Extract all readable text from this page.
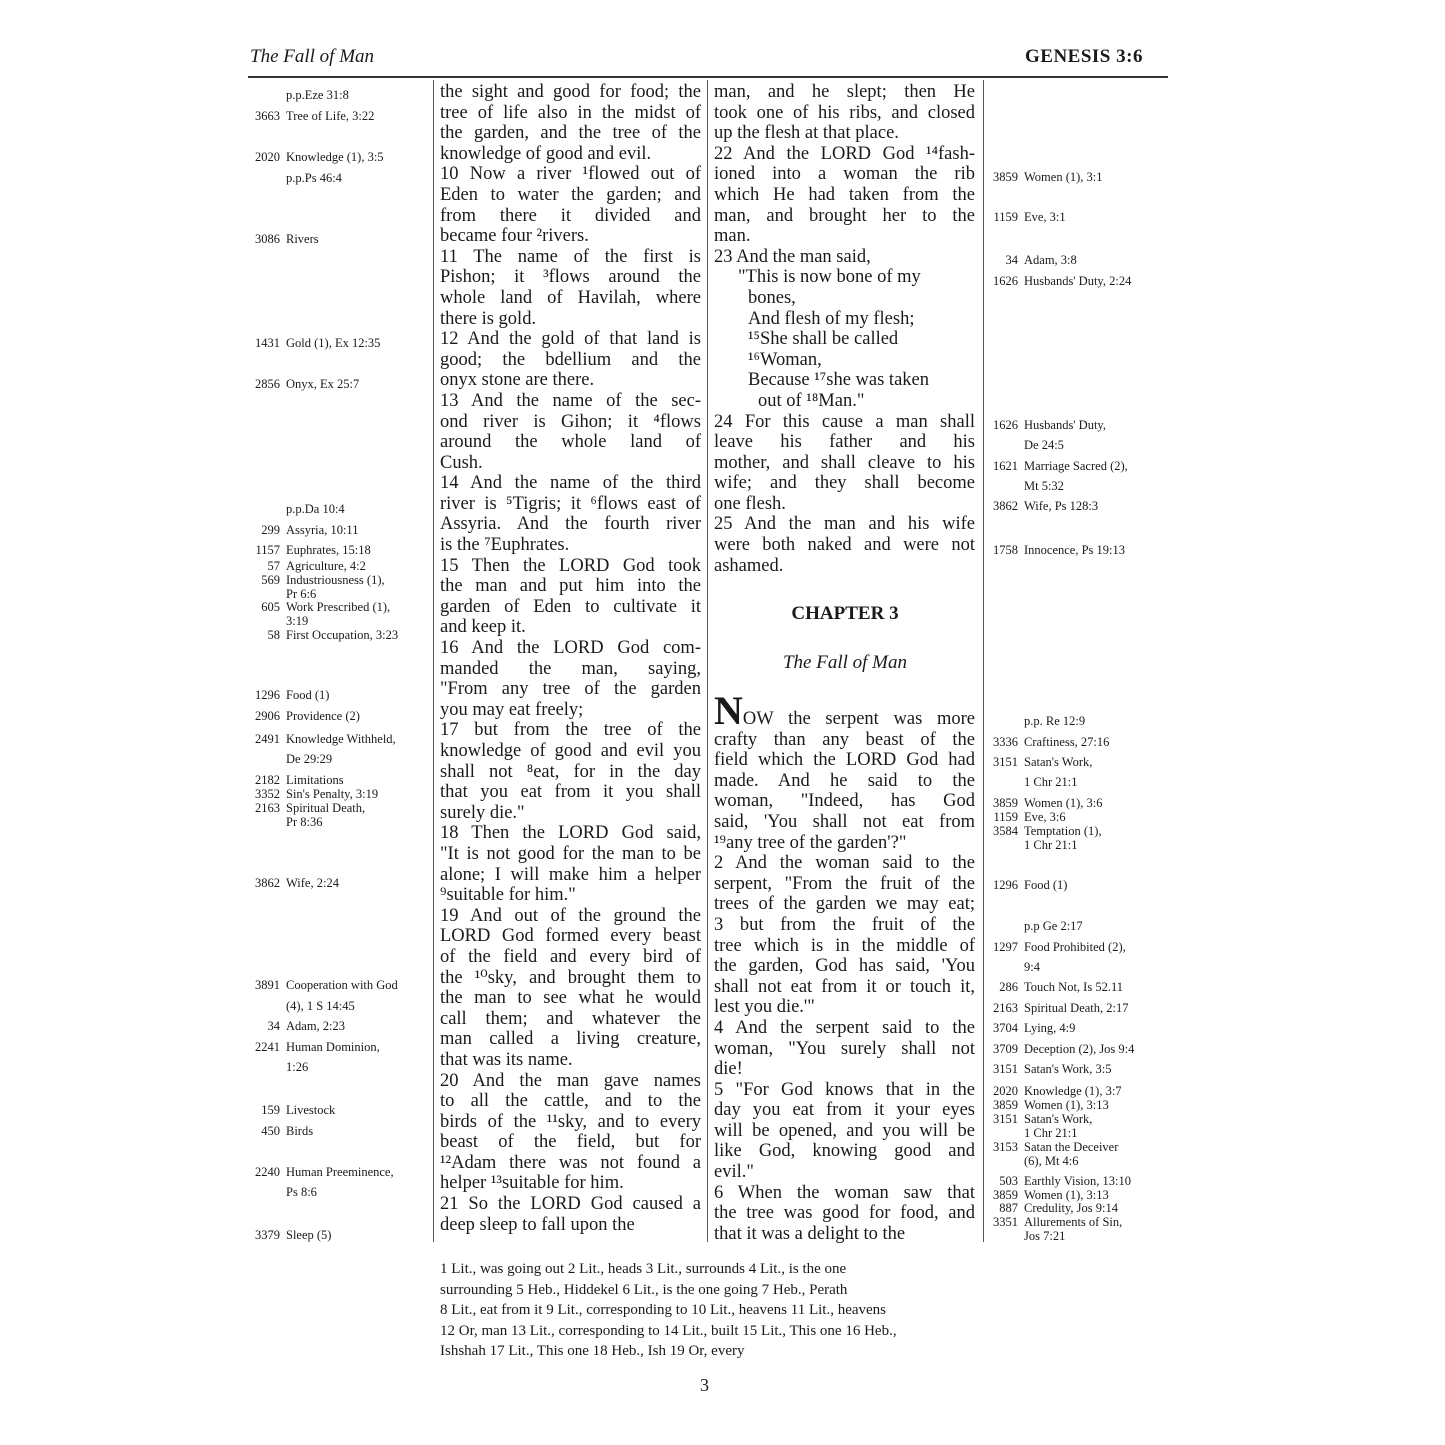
The Fall of Man	GENESIS 3:6
p.p.Eze 31:8
3663 Tree of Life, 3:22
2020 Knowledge (1), 3:5
p.p.Ps 46:4
3086 Rivers
1431 Gold (1), Ex 12:35
2856 Onyx, Ex 25:7
p.p.Da 10:4
299 Assyria, 10:11
1157 Euphrates, 15:18
57 Agriculture, 4:2
569 Industriousness (1),
Pr 6:6
605 Work Prescribed (1),
3:19
58 First Occupation, 3:23
1296 Food (1)
2906 Providence (2)
2491 Knowledge Withheld,
De 29:29
2182 Limitations
3352 Sin's Penalty, 3:19
2163 Spiritual Death,
Pr 8:36
3862 Wife, 2:24
3891 Cooperation with God
(4), 1 S 14:45
34 Adam, 2:23
2241 Human Dominion,
1:26
159 Livestock
450 Birds
2240 Human Preeminence,
Ps 8:6
3379 Sleep (5)
3859 Women (1), 3:1
1159 Eve, 3:1
34 Adam, 3:8
1626 Husbands' Duty, 2:24
1626 Husbands' Duty,
De 24:5
1621 Marriage Sacred (2),
Mt 5:32
3862 Wife, Ps 128:3
1758 Innocence, Ps 19:13
p.p. Re 12:9
3336 Craftiness, 27:16
3151 Satan's Work,
1 Chr 21:1
3859 Women (1), 3:6
1159 Eve, 3:6
3584 Temptation (1),
1 Chr 21:1
1296 Food (1)
p.p Ge 2:17
1297 Food Prohibited (2),
9:4
286 Touch Not, Is 52.11
2163 Spiritual Death, 2:17
3704 Lying, 4:9
3709 Deception (2), Jos 9:4
3151 Satan's Work, 3:5
2020 Knowledge (1), 3:7
3859 Women (1), 3:13
3151 Satan's Work,
1 Chr 21:1
3153 Satan the Deceiver
(6), Mt 4:6
503 Earthly Vision, 13:10
3859 Women (1), 3:13
887 Credulity, Jos 9:14
3351 Allurements of Sin,
Jos 7:21

the sight and good for food; the

tree of life also in the midst of

the garden, and the tree of the

knowledge of good and evil.

10 Now a river ¹flowed out of

Eden to water the garden; and

from there it divided and

became four ²rivers.

11 The name of the first is

Pishon; it ³flows around the

whole land of Havilah, where

there is gold.

12 And the gold of that land is

good; the bdellium and the

onyx stone are there.

13 And the name of the sec-

ond river is Gihon; it ⁴flows

around the whole land of

Cush.

14 And the name of the third

river is ⁵Tigris; it ⁶flows east of

Assyria. And the fourth river

is the ⁷Euphrates.

15 Then the LORD God took

the man and put him into the

garden of Eden to cultivate it

and keep it.

16 And the LORD God com-

manded the man, saying,

"From any tree of the garden

you may eat freely;

17 but from the tree of the

knowledge of good and evil you

shall not ⁸eat, for in the day

that you eat from it you shall

surely die."

18 Then the LORD God said,

"It is not good for the man to be

alone; I will make him a helper

⁹suitable for him."

19 And out of the ground the

LORD God formed every beast

of the field and every bird of

the ¹⁰sky, and brought them to

the man to see what he would

call them; and whatever the

man called a living creature,

that was its name.

20 And the man gave names

to all the cattle, and to the

birds of the ¹¹sky, and to every

beast of the field, but for

¹²Adam there was not found a

helper ¹³suitable for him.

21 So the LORD God caused a

deep sleep to fall upon the

man, and he slept; then He

took one of his ribs, and closed

up the flesh at that place.

22 And the LORD God ¹⁴fash-

ioned into a woman the rib

which He had taken from the

man, and brought her to the

man.

23 And the man said,

"This is now bone of my

bones,

And flesh of my flesh;

¹⁵She shall be called

¹⁶Woman,

Because ¹⁷she was taken

out of ¹⁸Man."

24 For this cause a man shall

leave his father and his

mother, and shall cleave to his

wife; and they shall become

one flesh.

25 And the man and his wife

were both naked and were not

ashamed.

CHAPTER 3
The Fall of Man

NOW the serpent was more

crafty than any beast of the

field which the LORD God had

made. And he said to the

woman, "Indeed, has God

said, 'You shall not eat from

¹⁹any tree of the garden'?"

2 And the woman said to the

serpent, "From the fruit of the

trees of the garden we may eat;

3 but from the fruit of the

tree which is in the middle of

the garden, God has said, 'You

shall not eat from it or touch it,

lest you die.'"

4 And the serpent said to the

woman, "You surely shall not

die!

5 "For God knows that in the

day you eat from it your eyes

will be opened, and you will be

like God, knowing good and

evil."

6 When the woman saw that

the tree was good for food, and

that it was a delight to the

1 Lit., was going out 2 Lit., heads 3 Lit., surrounds 4 Lit., is the one

surrounding 5 Heb., Hiddekel 6 Lit., is the one going 7 Heb., Perath

8 Lit., eat from it 9 Lit., corresponding to 10 Lit., heavens 11 Lit., heavens

12 Or, man 13 Lit., corresponding to 14 Lit., built 15 Lit., This one 16 Heb.,

Ishshah 17 Lit., This one 18 Heb., Ish 19 Or, every

3
